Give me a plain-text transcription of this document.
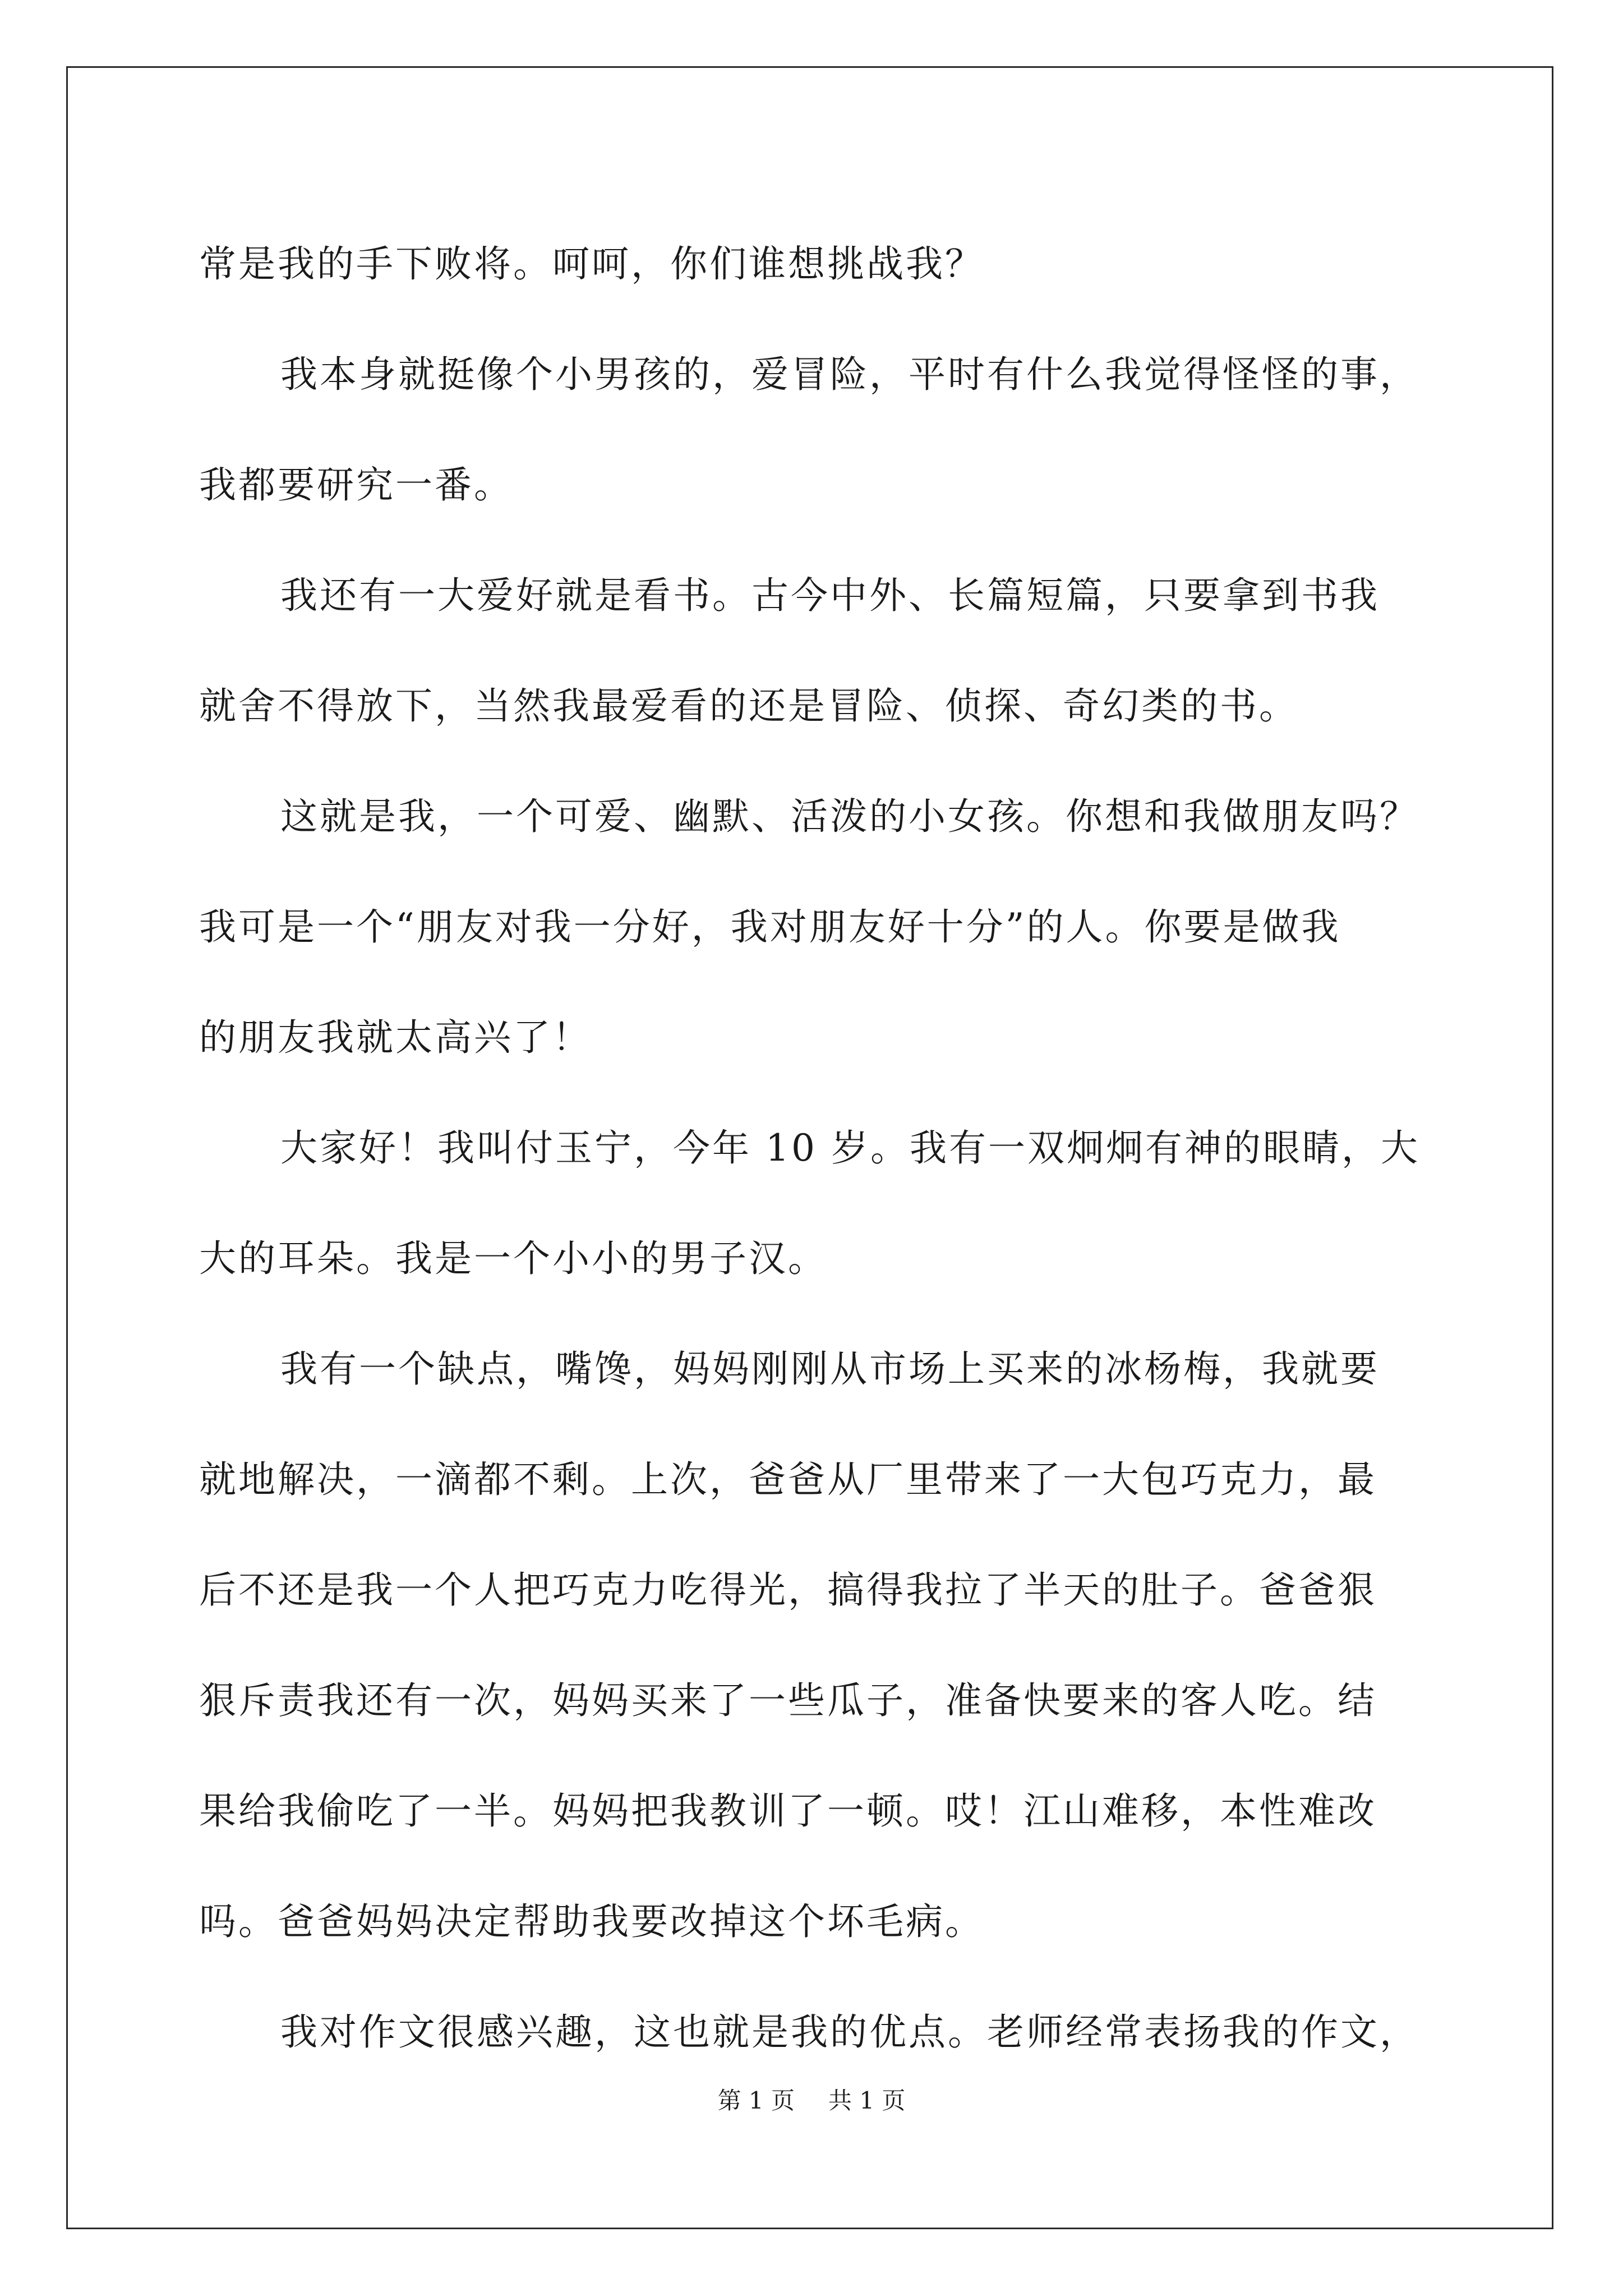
常是我的手下败将。呵呵，你们谁想挑战我？
我本身就挺像个小男孩的，爱冒险，平时有什么我觉得怪怪的事，
我都要研究一番。
我还有一大爱好就是看书。古今中外、长篇短篇，只要拿到书我
就舍不得放下，当然我最爱看的还是冒险、侦探、奇幻类的书。
这就是我，一个可爱、幽默、活泼的小女孩。你想和我做朋友吗？
我可是一个“朋友对我一分好，我对朋友好十分”的人。你要是做我
的朋友我就太高兴了！
大家好！我叫付玉宁，今年 10 岁。我有一双炯炯有神的眼睛，大
大的耳朵。我是一个小小的男子汉。
我有一个缺点，嘴馋，妈妈刚刚从市场上买来的冰杨梅，我就要
就地解决，一滴都不剩。上次，爸爸从厂里带来了一大包巧克力，最
后不还是我一个人把巧克力吃得光，搞得我拉了半天的肚子。爸爸狠
狠斥责我还有一次，妈妈买来了一些瓜子，准备快要来的客人吃。结
果给我偷吃了一半。妈妈把我教训了一顿。哎！江山难移，本性难改
吗。爸爸妈妈决定帮助我要改掉这个坏毛病。
我对作文很感兴趣，这也就是我的优点。老师经常表扬我的作文，
第 1 页 共 1 页
